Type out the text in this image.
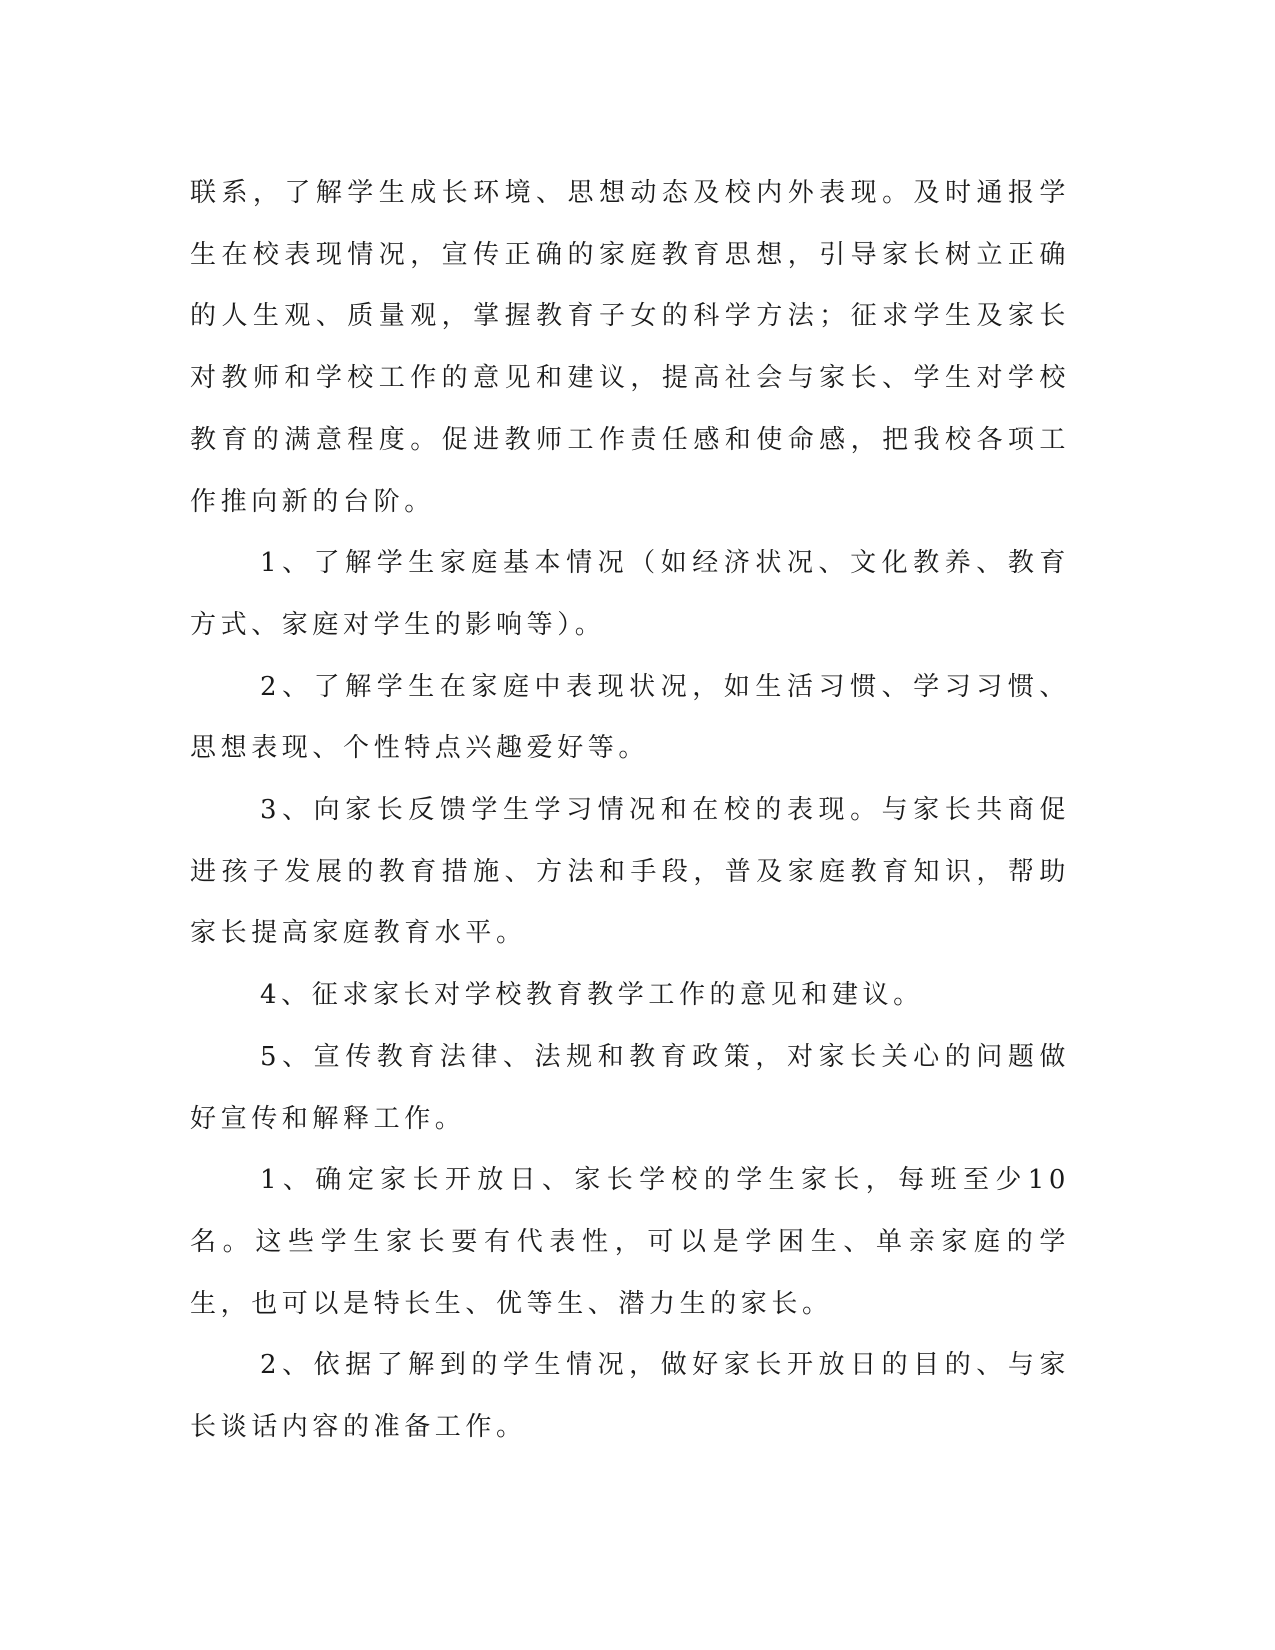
联系，了解学生成长环境、思想动态及校内外表现。及时通报学生在校表现情况，宣传正确的家庭教育思想，引导家长树立正确的人生观、质量观，掌握教育子女的科学方法；征求学生及家长对教师和学校工作的意见和建议，提高社会与家长、学生对学校教育的满意程度。促进教师工作责任感和使命感，把我校各项工作推向新的台阶。

1、了解学生家庭基本情况（如经济状况、文化教养、教育方式、家庭对学生的影响等）。

2、了解学生在家庭中表现状况，如生活习惯、学习习惯、思想表现、个性特点兴趣爱好等。

3、向家长反馈学生学习情况和在校的表现。与家长共商促进孩子发展的教育措施、方法和手段，普及家庭教育知识，帮助家长提高家庭教育水平。

4、征求家长对学校教育教学工作的意见和建议。

5、宣传教育法律、法规和教育政策，对家长关心的问题做好宣传和解释工作。

1、确定家长开放日、家长学校的学生家长，每班至少10名。这些学生家长要有代表性，可以是学困生、单亲家庭的学生，也可以是特长生、优等生、潜力生的家长。

2、依据了解到的学生情况，做好家长开放日的目的、与家长谈话内容的准备工作。
